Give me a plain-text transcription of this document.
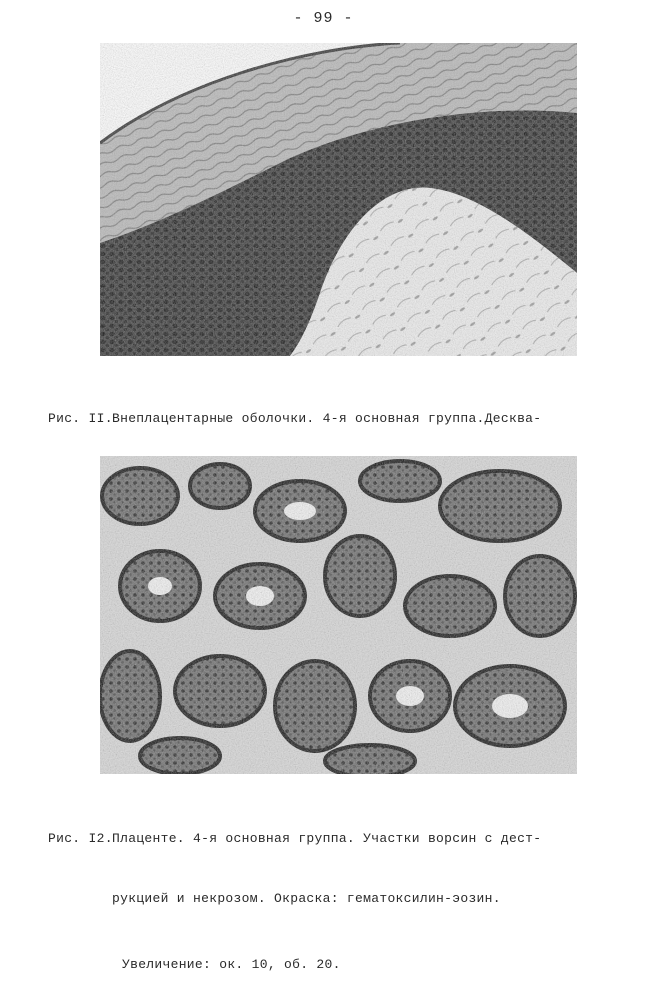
- 99 -

Рис. II.Внеплацентарные оболочки. 4-я основная группа.Десква-

Рис. I2.Плаценте. 4-я основная группа. Участки ворсин с дест-

рукцией и некрозом. Окраска: гематоксилин-эозин.

Увеличение: ок. 10, об. 20.
